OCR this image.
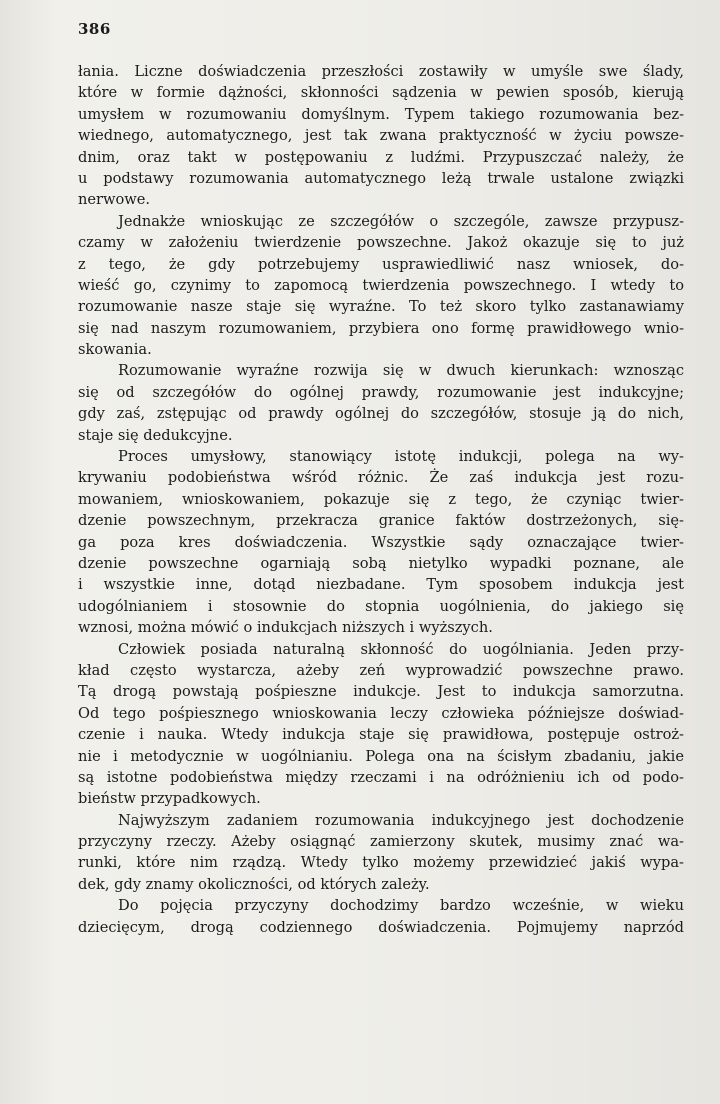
386
łania. Liczne doświadczenia przeszłości zostawiły w umyśle swe ślady,
które w formie dążności, skłonności sądzenia w pewien sposób, kierują
umysłem w rozumowaniu domyślnym. Typem takiego rozumowania bez-
wiednego, automatycznego, jest tak zwana praktyczność w życiu powsze-
dnim, oraz takt w postępowaniu z ludźmi. Przypuszczać należy, że
u podstawy rozumowania automatycznego leżą trwale ustalone związki
nerwowe.
Jednakże wnioskując ze szczegółów o szczególe, zawsze przypusz-
czamy w założeniu twierdzenie powszechne. Jakoż okazuje się to już
z tego, że gdy potrzebujemy usprawiedliwić nasz wniosek, do-
wieść go, czynimy to zapomocą twierdzenia powszechnego. I wtedy to
rozumowanie nasze staje się wyraźne. To też skoro tylko zastanawiamy
się nad naszym rozumowaniem, przybiera ono formę prawidłowego wnio-
skowania.
Rozumowanie wyraźne rozwija się w dwuch kierunkach: wznosząc
się od szczegółów do ogólnej prawdy, rozumowanie jest indukcyjne;
gdy zaś, zstępując od prawdy ogólnej do szczegółów, stosuje ją do nich,
staje się dedukcyjne.
Proces umysłowy, stanowiący istotę indukcji, polega na wy-
krywaniu podobieństwa wśród różnic. Że zaś indukcja jest rozu-
mowaniem, wnioskowaniem, pokazuje się z tego, że czyniąc twier-
dzenie powszechnym, przekracza granice faktów dostrzeżonych, się-
ga poza kres doświadczenia. Wszystkie sądy oznaczające twier-
dzenie powszechne ogarniają sobą nietylko wypadki poznane, ale
i wszystkie inne, dotąd niezbadane. Tym sposobem indukcja jest
udogólnianiem i stosownie do stopnia uogólnienia, do jakiego się
wznosi, można mówić o indukcjach niższych i wyższych.
Człowiek posiada naturalną skłonność do uogólniania. Jeden przy-
kład często wystarcza, ażeby zeń wyprowadzić powszechne prawo.
Tą drogą powstają pośpieszne indukcje. Jest to indukcja samorzutna.
Od tego pośpiesznego wnioskowania leczy człowieka późniejsze doświad-
czenie i nauka. Wtedy indukcja staje się prawidłowa, postępuje ostroż-
nie i metodycznie w uogólnianiu. Polega ona na ścisłym zbadaniu, jakie
są istotne podobieństwa między rzeczami i na odróżnieniu ich od podo-
bieństw przypadkowych.
Najwyższym zadaniem rozumowania indukcyjnego jest dochodzenie
przyczyny rzeczy. Ażeby osiągnąć zamierzony skutek, musimy znać wa-
runki, które nim rządzą. Wtedy tylko możemy przewidzieć jakiś wypa-
dek, gdy znamy okoliczności, od których zależy.
Do pojęcia przyczyny dochodzimy bardzo wcześnie, w wieku
dziecięcym, drogą codziennego doświadczenia. Pojmujemy naprzód
